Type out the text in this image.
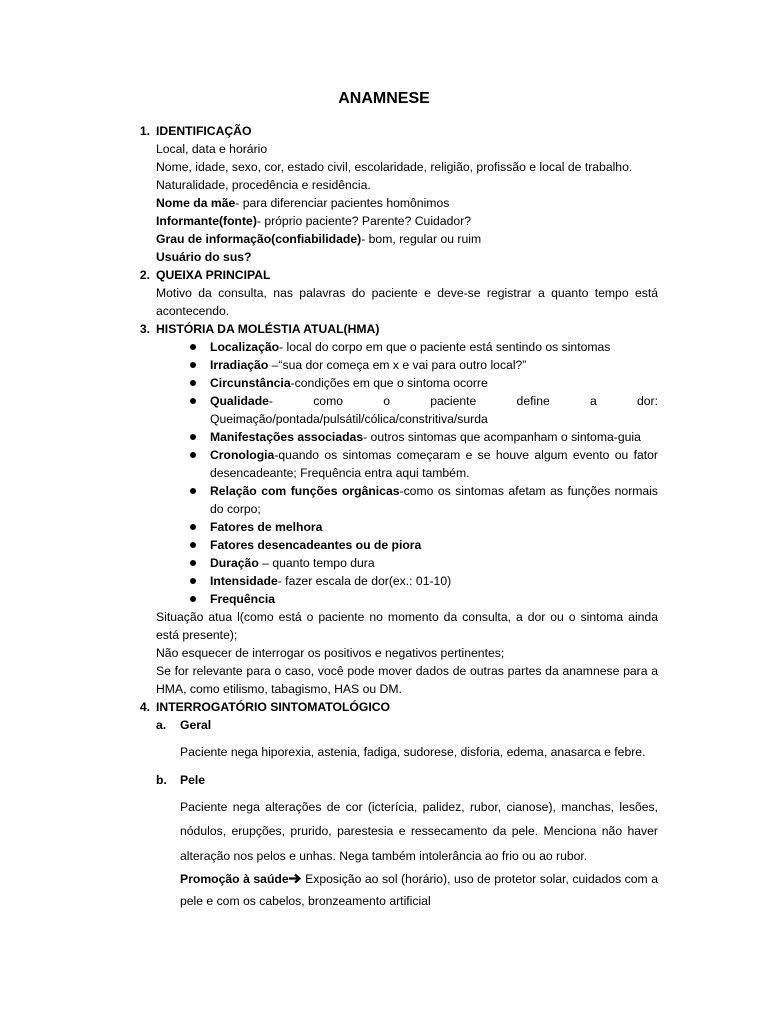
ANAMNESE
1. IDENTIFICAÇÃO
Local, data e horário
Nome, idade, sexo, cor, estado civil, escolaridade, religião, profissão e local de trabalho.
Naturalidade, procedência e residência.
Nome da mãe- para diferenciar pacientes homônimos
Informante(fonte)- próprio paciente? Parente? Cuidador?
Grau de informação(confiabilidade)- bom, regular ou ruim
Usuário do sus?
2. QUEIXA PRINCIPAL
Motivo da consulta, nas palavras do paciente e deve-se registrar a quanto tempo está acontecendo.
3. HISTÓRIA DA MOLÉSTIA ATUAL(HMA)
Localização- local do corpo em que o paciente está sentindo os sintomas
Irradiação –“sua dor começa em x e vai para outro local?”
Circunstância-condições em que o sintoma ocorre
Qualidade- como o paciente define a dor: Queimação/pontada/pulsátil/cólica/constritiva/surda
Manifestações associadas- outros sintomas que acompanham o sintoma-guia
Cronologia-quando os sintomas começaram e se houve algum evento ou fator desencadeante; Frequência entra aqui também.
Relação com funções orgânicas-como os sintomas afetam as funções normais do corpo;
Fatores de melhora
Fatores desencadeantes ou de piora
Duração – quanto tempo dura
Intensidade- fazer escala de dor(ex.: 01-10)
Frequência
Situação atua l(como está o paciente no momento da consulta, a dor ou o sintoma ainda está presente);
Não esquecer de interrogar os positivos e negativos pertinentes;
Se for relevante para o caso, você pode mover dados de outras partes da anamnese para a HMA, como etilismo, tabagismo, HAS ou DM.
4. INTERROGATÓRIO SINTOMATOLÓGICO
a. Geral
Paciente nega hiporexia, astenia, fadiga, sudorese, disforia, edema, anasarca e febre.
b. Pele
Paciente nega alterações de cor (icterícia, palidez, rubor, cianose), manchas, lesões, nódulos, erupções, prurido, parestesia e ressecamento da pele. Menciona não haver alteração nos pelos e unhas. Nega também intolerância ao frio ou ao rubor.
Promoção à saúde Exposição ao sol (horário), uso de protetor solar, cuidados com a pele e com os cabelos, bronzeamento artificial
